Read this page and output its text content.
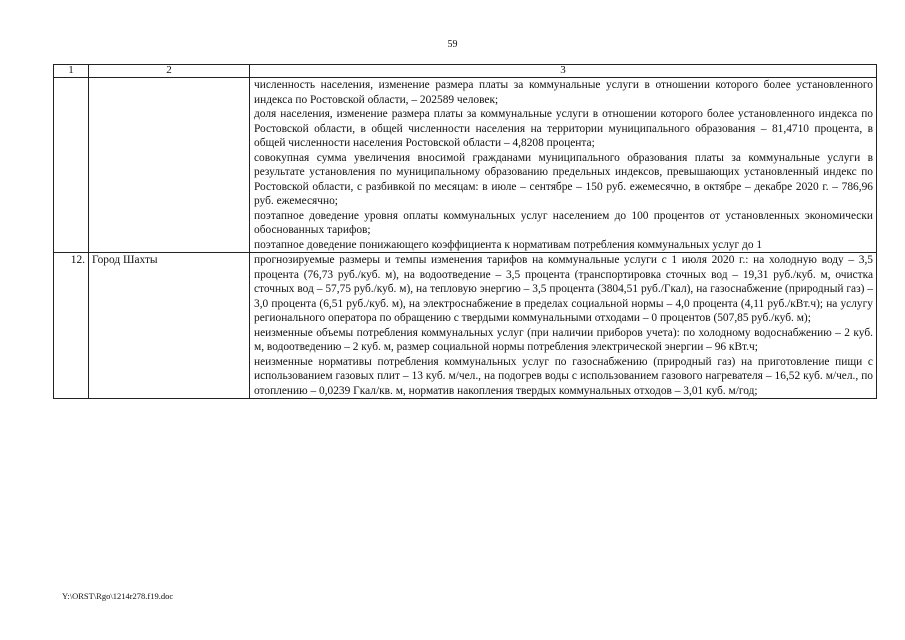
59
1	2	3

		численность населения, изменение размера платы за коммунальные услуги в отношении которого более установленного индекса по Ростовской области, – 202589 человек;

доля населения, изменение размера платы за коммунальные услуги в отношении которого более установленного индекса по Ростовской области, в общей численности населения на территории муниципального образования – 81,4710 процента, в общей численности населения Ростовской области – 4,8208 процента;

совокупная сумма увеличения вносимой гражданами муниципального образования платы за коммунальные услуги в результате установления по муниципальному образованию предельных индексов, превышающих установленный индекс по Ростовской области, с разбивкой по месяцам: в июле – сентябре – 150 руб. ежемесячно, в октябре – декабре 2020 г. – 786,96 руб. ежемесячно;

поэтапное доведение уровня оплаты коммунальных услуг населением до 100 процентов от установленных экономически обоснованных тарифов;

поэтапное доведение понижающего коэффициента к нормативам потребления коммунальных услуг до 1

12.	Город Шахты	прогнозируемые размеры и темпы изменения тарифов на коммунальные услуги с 1 июля 2020 г.: на холодную воду – 3,5 процента (76,73 руб./куб. м), на водоотведение – 3,5 процента (транспортировка сточных вод – 19,31 руб./куб. м, очистка сточных вод – 57,75 руб./куб. м), на тепловую энергию – 3,5 процента (3804,51 руб./Гкал), на газоснабжение (природный газ) – 3,0 процента (6,51 руб./куб. м), на электроснабжение в пределах социальной нормы – 4,0 процента (4,11 руб./кВт.ч); на услугу регионального оператора по обращению с твердыми коммунальными отходами – 0 процентов (507,85 руб./куб. м);

неизменные объемы потребления коммунальных услуг (при наличии приборов учета): по холодному водоснабжению – 2 куб. м, водоотведению – 2 куб. м, размер социальной нормы потребления электрической энергии – 96 кВт.ч;

неизменные нормативы потребления коммунальных услуг по газоснабжению (природный газ) на приготовление пищи с использованием газовых плит – 13 куб. м/чел., на подогрев воды с использованием газового нагревателя – 16,52 куб. м/чел., по отоплению – 0,0239 Гкал/кв. м, норматив накопления твердых коммунальных отходов – 3,01 куб. м/год;

Y:\ORST\Rgo\1214r278.f19.doc
